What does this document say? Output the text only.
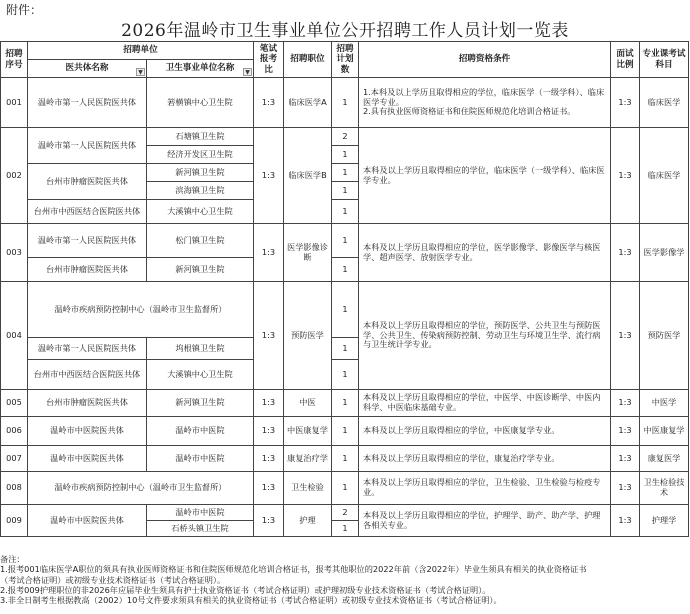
附件：
2026年温岭市卫生事业单位公开招聘工作人员计划一览表
招聘序号	招聘单位		笔试报考比	招聘职位	招聘计划数	招聘资格条件	面试比例	专业课考试科目
	医共体名称 ▼	卫生事业单位名称 ▼						

001	温岭市第一人民医院医共体	箬横镇中心卫生院	1:3	临床医学A	1	1.本科及以上学历且取得相应的学位，临床医学（一级学科）、临床医学专业。
2.具有执业医师资格证书和住院医师规范化培训合格证书。	1:3	临床医学
002	温岭市第一人民医院医共体	石塘镇卫生院	1:3	临床医学B	2	本科及以上学历且取得相应的学位，临床医学（一级学科）、临床医学专业。	1:3	临床医学
		经济开发区卫生院			1			
	台州市肿瘤医院医共体	新河镇卫生院			1			
		滨海镇卫生院			1			
	台州市中西医结合医院医共体	大溪镇中心卫生院			1			
003	温岭市第一人民医院医共体	松门镇卫生院	1:3	医学影像诊断	1	本科及以上学历且取得相应的学位，医学影像学、影像医学与核医学、超声医学、放射医学专业。	1:3	医学影像学
	台州市肿瘤医院医共体	新河镇卫生院			1			
004	温岭市疾病预防控制中心（温岭市卫生监督所）		1:3	预防医学	1	本科及以上学历且取得相应的学位，预防医学、公共卫生与预防医学、公共卫生、传染病预防控制、劳动卫生与环境卫生学、流行病与卫生统计学专业。	1:3	预防医学
	温岭市第一人民医院医共体	坞根镇卫生院			1			
	台州市中西医结合医院医共体	大溪镇中心卫生院			1			
005	台州市肿瘤医院医共体	新河镇卫生院	1:3	中医	1	本科及以上学历且取得相应的学位，中医学、中医诊断学、中医内科学、中医临床基础专业。	1:3	中医学
006	温岭市中医院医共体	温岭市中医院	1:3	中医康复学	1	本科及以上学历且取得相应的学位，中医康复学专业。	1:3	中医康复学
007	温岭市中医院医共体	温岭市中医院	1:3	康复治疗学	1	本科及以上学历且取得相应的学位，康复治疗学专业。	1:3	康复医学
008	温岭市疾病预防控制中心（温岭市卫生监督所）		1:3	卫生检验	1	本科及以上学历且取得相应的学位，卫生检验、卫生检验与检疫专业。	1:3	卫生检验技术
009	温岭市中医院医共体	温岭市中医院	1:3	护理	2	本科及以上学历且取得相应的学位，护理学、助产、助产学、护理各相关专业。	1:3	护理学
		石桥头镇卫生院			1			
备注：
1.报考001临床医学A职位的须具有执业医师资格证书和住院医师规范化培训合格证书，报考其他职位的2022年前（含2022年）毕业生须具有相关的执业资格证书
（考试合格证明）或初级专业技术资格证书（考试合格证明）。
2.报考009护理职位的非2026年应届毕业生须具有护士执业资格证书（考试合格证明）或护理初级专业技术资格证书（考试合格证明）。
3.非全日制考生根据教高（2002）10号文件要求须具有相关的执业资格证书（考试合格证明）或初级专业技术资格证书（考试合格证明）。
